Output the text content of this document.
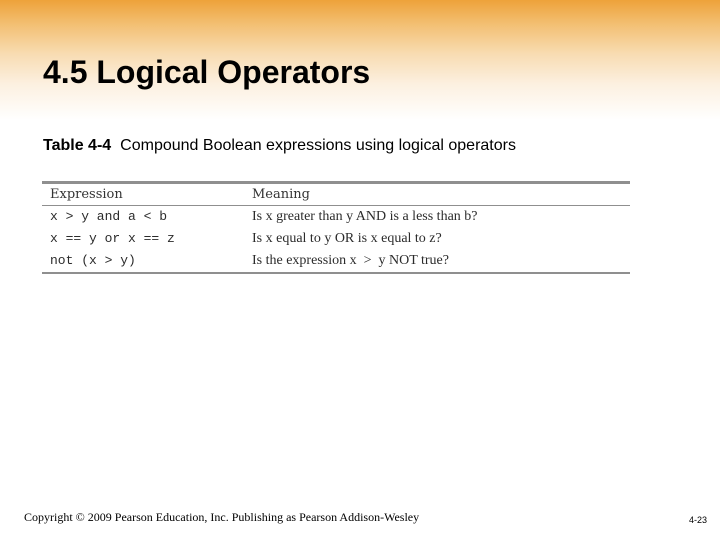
4.5 Logical Operators
Table 4-4 Compound Boolean expressions using logical operators
Expression	Meaning
x > y and a < b	Is x greater than y AND is a less than b?
x == y or x == z	Is x equal to y OR is x equal to z?
not (x > y)	Is the expression x  >  y NOT true?
Copyright © 2009 Pearson Education, Inc. Publishing as Pearson Addison-Wesley	4-23
